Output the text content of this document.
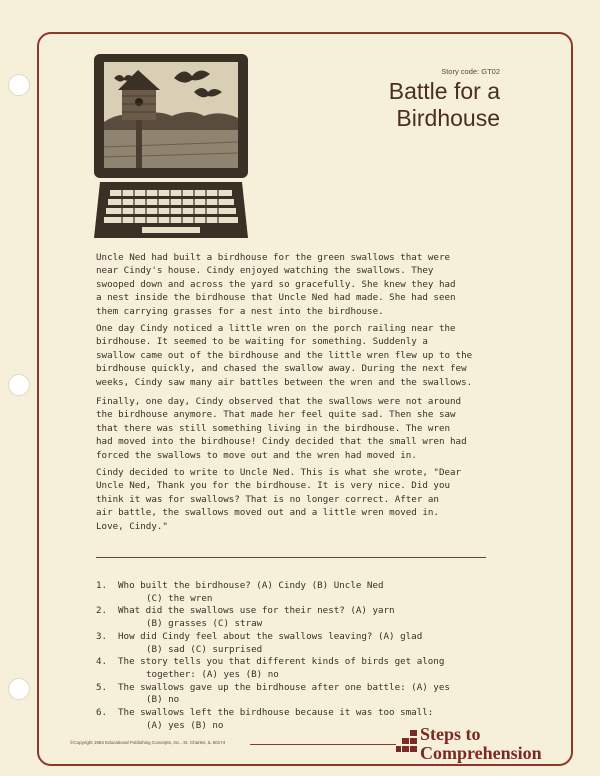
Story code: GT02
Battle for a
Birdhouse

Uncle Ned had built a birdhouse for the green swallows that were
near Cindy's house. Cindy enjoyed watching the swallows. They
swooped down and across the yard so gracefully. She knew they had
a nest inside the birdhouse that Uncle Ned had made. She had seen
them carrying grasses for a nest into the birdhouse.

One day Cindy noticed a little wren on the porch railing near the
birdhouse. It seemed to be waiting for something. Suddenly a
swallow came out of the birdhouse and the little wren flew up to the
birdhouse quickly, and chased the swallow away. During the next few
weeks, Cindy saw many air battles between the wren and the swallows.

Finally, one day, Cindy observed that the swallows were not around
the birdhouse anymore. That made her feel quite sad. Then she saw
that there was still something living in the birdhouse. The wren
had moved into the birdhouse! Cindy decided that the small wren had
forced the swallows to move out and the wren had moved in.

Cindy decided to write to Uncle Ned. This is what she wrote, "Dear
Uncle Ned, Thank you for the birdhouse. It is very nice. Did you
think it was for swallows? That is no longer correct. After an
air battle, the swallows moved out and a little wren moved in.
Love, Cindy."

1. Who built the birdhouse? (A) Cindy (B) Uncle Ned
(C) the wren
2. What did the swallows use for their nest? (A) yarn
(B) grasses (C) straw
3. How did Cindy feel about the swallows leaving? (A) glad
(B) sad (C) surprised
4. The story tells you that different kinds of birds get along
together: (A) yes (B) no
5. The swallows gave up the birdhouse after one battle: (A) yes
(B) no
6. The swallows left the birdhouse because it was too small:
(A) yes (B) no
©Copyright 1984 Educational Publishing Concepts, Inc., St. Charles, IL 60174	Steps to
Comprehension
